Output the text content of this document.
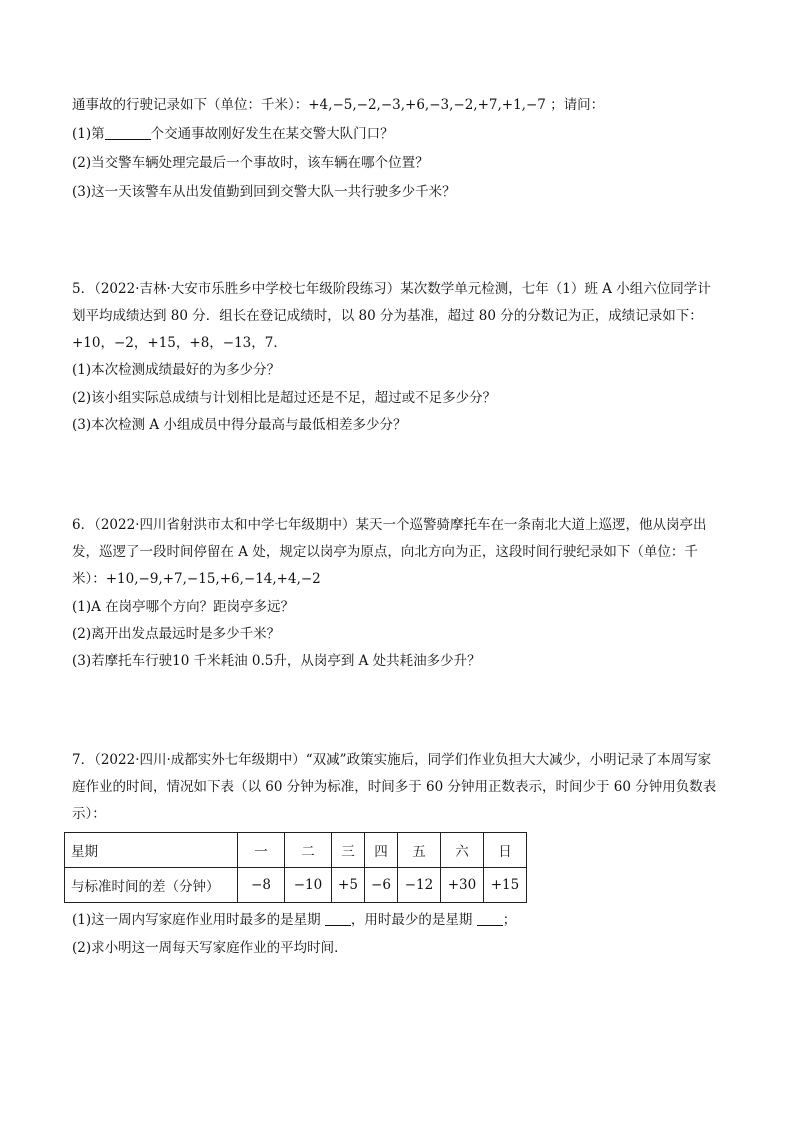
通事故的行驶记录如下（单位：千米）：+4,−5,−2,−3,+6,−3,−2,+7,+1,−7 ；请问：
(1)第	个交通事故刚好发生在某交警大队门口？
(2)当交警车辆处理完最后一个事故时，该车辆在哪个位置？
(3)这一天该警车从出发值勤到回到交警大队一共行驶多少千米？
5．（2022·吉林·大安市乐胜乡中学校七年级阶段练习）某次数学单元检测，七年（1）班 A 小组六位同学计
划平均成绩达到 80 分．组长在登记成绩时，以 80 分为基准，超过 80 分的分数记为正，成绩记录如下：
+10，−2，+15，+8，−13，7．
(1)本次检测成绩最好的为多少分？
(2)该小组实际总成绩与计划相比是超过还是不足，超过或不足多少分？
(3)本次检测 A 小组成员中得分最高与最低相差多少分？
6．（2022·四川省射洪市太和中学七年级期中）某天一个巡警骑摩托车在一条南北大道上巡逻，他从岗亭出
发，巡逻了一段时间停留在 A 处，规定以岗亭为原点，向北方向为正，这段时间行驶纪录如下（单位：千
米）：+10,−9,+7,−15,+6,−14,+4,−2
(1)A 在岗亭哪个方向？距岗亭多远？
(2)离开出发点最远时是多少千米？
(3)若摩托车行驶10 千米耗油 0.5升，从岗亭到 A 处共耗油多少升？
7．（2022·四川·成都实外七年级期中）“双减”政策实施后，同学们作业负担大大减少，小明记录了本周写家
庭作业的时间，情况如下表（以 60 分钟为标准，时间多于 60 分钟用正数表示，时间少于 60 分钟用负数表
示）：
星期	一	二	三	四	五	六	日
与标准时间的差（分钟）	−8	−10	+5	−6	−12	+30	+15
(1)这一周内写家庭作业用时最多的是星期 ，用时最少的是星期 ；
(2)求小明这一周每天写家庭作业的平均时间．
